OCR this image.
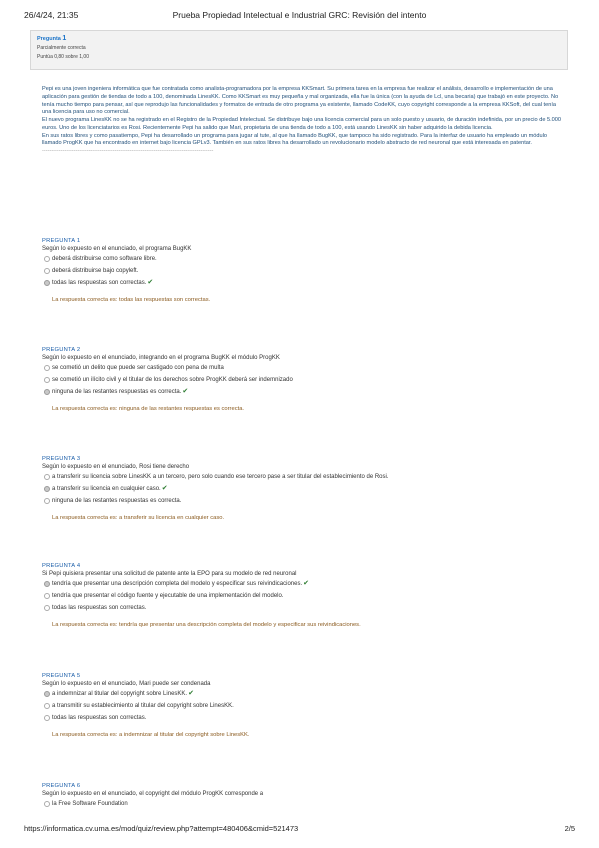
26/4/24, 21:35	Prueba Propiedad Intelectual e Industrial GRC: Revisión del intento
Pregunta 1
Parcialmente correcta
Puntúa 0,80 sobre 1,00

Pepi es una joven ingeniera informática que fue contratada como analista-programadora por la empresa KKSmart. Su primera tarea en la empresa fue realizar el análisis, desarrollo e implementación de una aplicación para gestión de tiendas de todo a 100, denominada LinesKK. Como KKSmart es muy pequeña y mal organizada, ella fue la única (con la ayuda de Lcl, una becaria) que trabajó en este proyecto. No tenía mucho tiempo para pensar, así que reprodujo las funcionalidades y formatos de entrada de otro programa ya existente, llamado CodeKK, cuyo copyright corresponde a la empresa KKSoft, del cual tenía una licencia para uso no comercial.

El nuevo programa LinesKK no se ha registrado en el Registro de la Propiedad Intelectual. Se distribuye bajo una licencia comercial para un solo puesto y usuario, de duración indefinida, por un precio de 5.000 euros. Uno de los licenciatarios es Rosi. Recientemente Pepi ha salido que Mari, propietaria de una tienda de todo a 100, está usando LinesKK sin haber adquirido la debida licencia.

En sus ratos libres y como pasatiempo, Pepi ha desarrollado un programa para jugar al tute, al que ha llamado BugKK, que tampoco ha sido registrado. Para la interfaz de usuario ha empleado un módulo llamado ProgKK que ha encontrado en internet bajo licencia GPLv3. También en sus ratos libres ha desarrollado un revolucionario modelo abstracto de red neuronal que está interesada en patentar.

--------------------------------------------------------------------------------------------

PREGUNTA 1
Según lo expuesto en el enunciado, el programa BugKK
deberá distribuirse como software libre.
deberá distribuirse bajo copyleft.
todas las respuestas son correctas.✔
La respuesta correcta es: todas las respuestas son correctas.
PREGUNTA 2
Según lo expuesto en el enunciado, integrando en el programa BugKK el módulo ProgKK
se cometió un delito que puede ser castigado con pena de multa
se cometió un ilícito civil y el titular de los derechos sobre ProgKK deberá ser indemnizado
ninguna de las restantes respuestas es correcta.✔
La respuesta correcta es: ninguna de las restantes respuestas es correcta.
PREGUNTA 3
Según lo expuesto en el enunciado, Rosi tiene derecho
a transferir su licencia sobre LinesKK a un tercero, pero solo cuando ese tercero pase a ser titular del establecimiento de Rosi.
a transferir su licencia en cualquier caso.✔
ninguna de las restantes respuestas es correcta.
La respuesta correcta es: a transferir su licencia en cualquier caso.
PREGUNTA 4
Si Pepi quisiera presentar una solicitud de patente ante la EPO para su modelo de red neuronal
tendría que presentar una descripción completa del modelo y especificar sus reivindicaciones.✔
tendría que presentar el código fuente y ejecutable de una implementación del modelo.
todas las respuestas son correctas.
La respuesta correcta es: tendría que presentar una descripción completa del modelo y especificar sus reivindicaciones.
PREGUNTA 5
Según lo expuesto en el enunciado, Mari puede ser condenada
a indemnizar al titular del copyright sobre LinesKK.✔
a transmitir su establecimiento al titular del copyright sobre LinesKK.
todas las respuestas son correctas.
La respuesta correcta es: a indemnizar al titular del copyright sobre LinesKK.
PREGUNTA 6
Según lo expuesto en el enunciado, el copyright del módulo ProgKK corresponde a
la Free Software Foundation
https://informatica.cv.uma.es/mod/quiz/review.php?attempt=480406&cmid=521473	2/5
